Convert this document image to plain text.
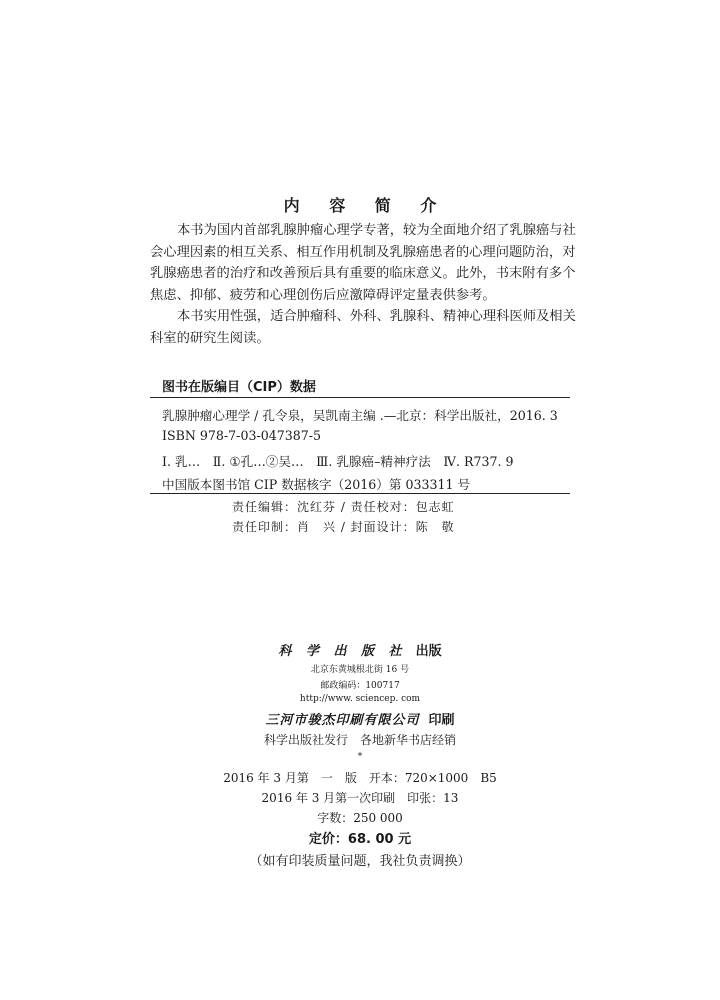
内 容 简 介
本书为国内首部乳腺肿瘤心理学专著，较为全面地介绍了乳腺癌与社
会心理因素的相互关系、相互作用机制及乳腺癌患者的心理问题防治，对
乳腺癌患者的治疗和改善预后具有重要的临床意义。此外，书末附有多个
焦虑、抑郁、疲劳和心理创伤后应激障碍评定量表供参考。
本书实用性强，适合肿瘤科、外科、乳腺科、精神心理科医师及相关
科室的研究生阅读。
图书在版编目（CIP）数据
乳腺肿瘤心理学 / 孔令泉，吴凯南主编 .—北京：科学出版社，2016. 3
ISBN 978-7-03-047387-5
Ⅰ. 乳…　Ⅱ. ①孔…②吴…　Ⅲ. 乳腺癌–精神疗法　Ⅳ. R737. 9
中国版本图书馆 CIP 数据核字（2016）第 033311 号
责任编辑：沈红芬 / 责任校对：包志虹
责任印制：肖　兴 / 封面设计：陈　敬
科 学 出 版 社 出版
北京东黄城根北街 16 号
邮政编码：100717
http://www. sciencep. com
三河市骏杰印刷有限公司 印刷
科学出版社发行　各地新华书店经销
*
2016 年 3 月第　一　版　开本：720×1000　B5
2016 年 3 月第一次印刷　印张：13
字数：250 000
定价：68. 00 元
（如有印装质量问题，我社负责调换）
